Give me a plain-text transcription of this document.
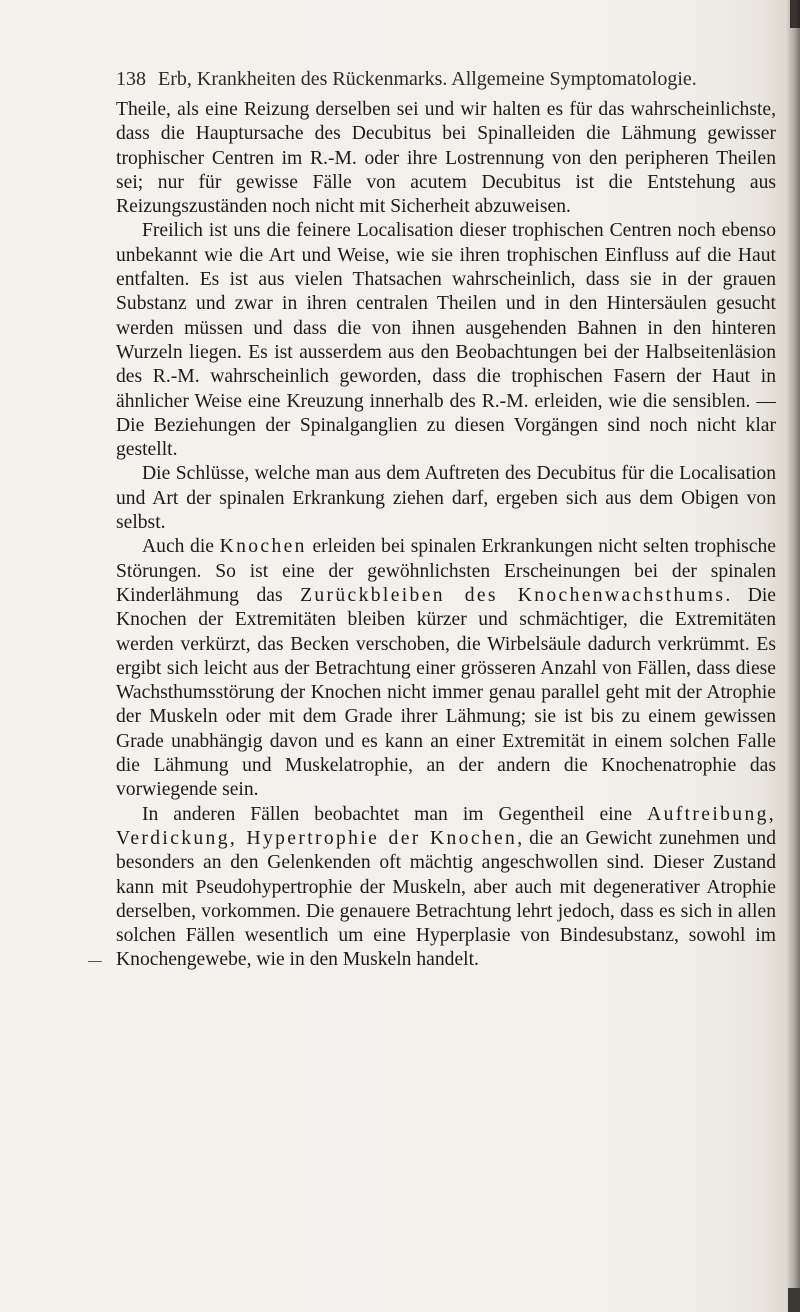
138 Erb, Krankheiten des Rückenmarks. Allgemeine Symptomatologie.

Theile, als eine Reizung derselben sei und wir halten es für das wahrscheinlichste, dass die Hauptursache des Decubitus bei Spinalleiden die Lähmung gewisser trophischer Centren im R.-M. oder ihre Lostrennung von den peripheren Theilen sei; nur für gewisse Fälle von acutem Decubitus ist die Entstehung aus Reizungszuständen noch nicht mit Sicherheit abzuweisen.

Freilich ist uns die feinere Localisation dieser trophischen Centren noch ebenso unbekannt wie die Art und Weise, wie sie ihren trophischen Einfluss auf die Haut entfalten. Es ist aus vielen Thatsachen wahrscheinlich, dass sie in der grauen Substanz und zwar in ihren centralen Theilen und in den Hintersäulen gesucht werden müssen und dass die von ihnen ausgehenden Bahnen in den hinteren Wurzeln liegen. Es ist ausserdem aus den Beobachtungen bei der Halbseitenläsion des R.-M. wahrscheinlich geworden, dass die trophischen Fasern der Haut in ähnlicher Weise eine Kreuzung innerhalb des R.-M. erleiden, wie die sensiblen. — Die Beziehungen der Spinalganglien zu diesen Vorgängen sind noch nicht klar gestellt.

Die Schlüsse, welche man aus dem Auftreten des Decubitus für die Localisation und Art der spinalen Erkrankung ziehen darf, ergeben sich aus dem Obigen von selbst.

Auch die Knochen erleiden bei spinalen Erkrankungen nicht selten trophische Störungen. So ist eine der gewöhnlichsten Erscheinungen bei der spinalen Kinderlähmung das Zurückbleiben des Knochenwachsthums. Die Knochen der Extremitäten bleiben kürzer und schmächtiger, die Extremitäten werden verkürzt, das Becken verschoben, die Wirbelsäule dadurch verkrümmt. Es ergibt sich leicht aus der Betrachtung einer grösseren Anzahl von Fällen, dass diese Wachsthumsstörung der Knochen nicht immer genau parallel geht mit der Atrophie der Muskeln oder mit dem Grade ihrer Lähmung; sie ist bis zu einem gewissen Grade unabhängig davon und es kann an einer Extremität in einem solchen Falle die Lähmung und Muskelatrophie, an der andern die Knochenatrophie das vorwiegende sein.

In anderen Fällen beobachtet man im Gegentheil eine Auftreibung, Verdickung, Hypertrophie der Knochen, die an Gewicht zunehmen und besonders an den Gelenkenden oft mächtig angeschwollen sind. Dieser Zustand kann mit Pseudohypertrophie der Muskeln, aber auch mit degenerativer Atrophie derselben, vorkommen. Die genauere Betrachtung lehrt jedoch, dass es sich in allen solchen Fällen wesentlich um eine Hyperplasie von Bindesubstanz, sowohl im Knochengewebe, wie in den Muskeln handelt.
